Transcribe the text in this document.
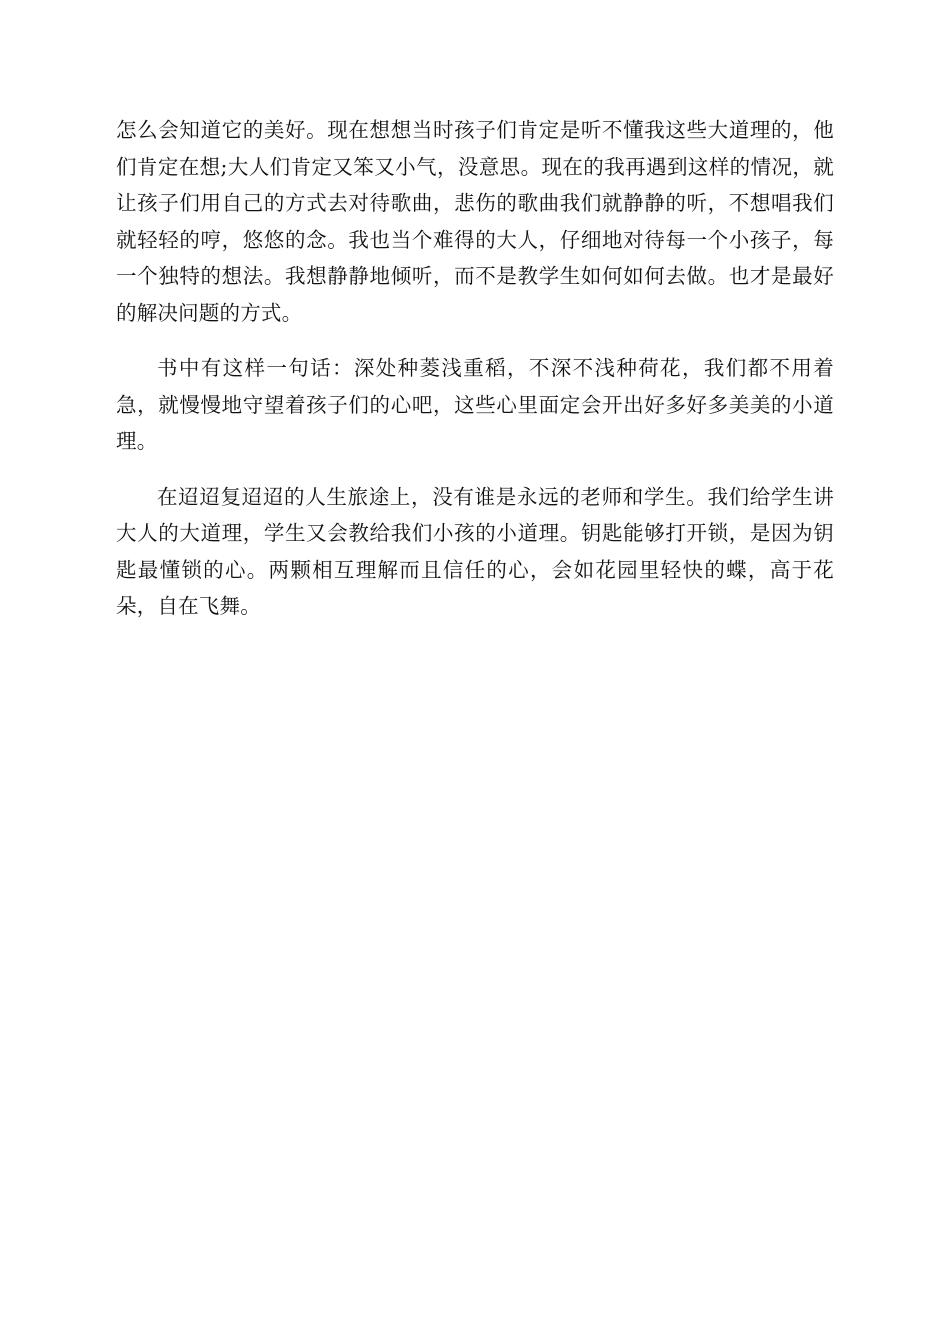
怎么会知道它的美好。现在想想当时孩子们肯定是听不懂我这些大道理的，他们肯定在想;大人们肯定又笨又小气，没意思。现在的我再遇到这样的情况，就让孩子们用自己的方式去对待歌曲，悲伤的歌曲我们就静静的听，不想唱我们就轻轻的哼，悠悠的念。我也当个难得的大人，仔细地对待每一个小孩子，每一个独特的想法。我想静静地倾听，而不是教学生如何如何去做。也才是最好的解决问题的方式。

书中有这样一句话：深处种菱浅重稻，不深不浅种荷花，我们都不用着急，就慢慢地守望着孩子们的心吧，这些心里面定会开出好多好多美美的小道理。

在迢迢复迢迢的人生旅途上，没有谁是永远的老师和学生。我们给学生讲大人的大道理，学生又会教给我们小孩的小道理。钥匙能够打开锁，是因为钥匙最懂锁的心。两颗相互理解而且信任的心，会如花园里轻快的蝶，高于花朵，自在飞舞。
